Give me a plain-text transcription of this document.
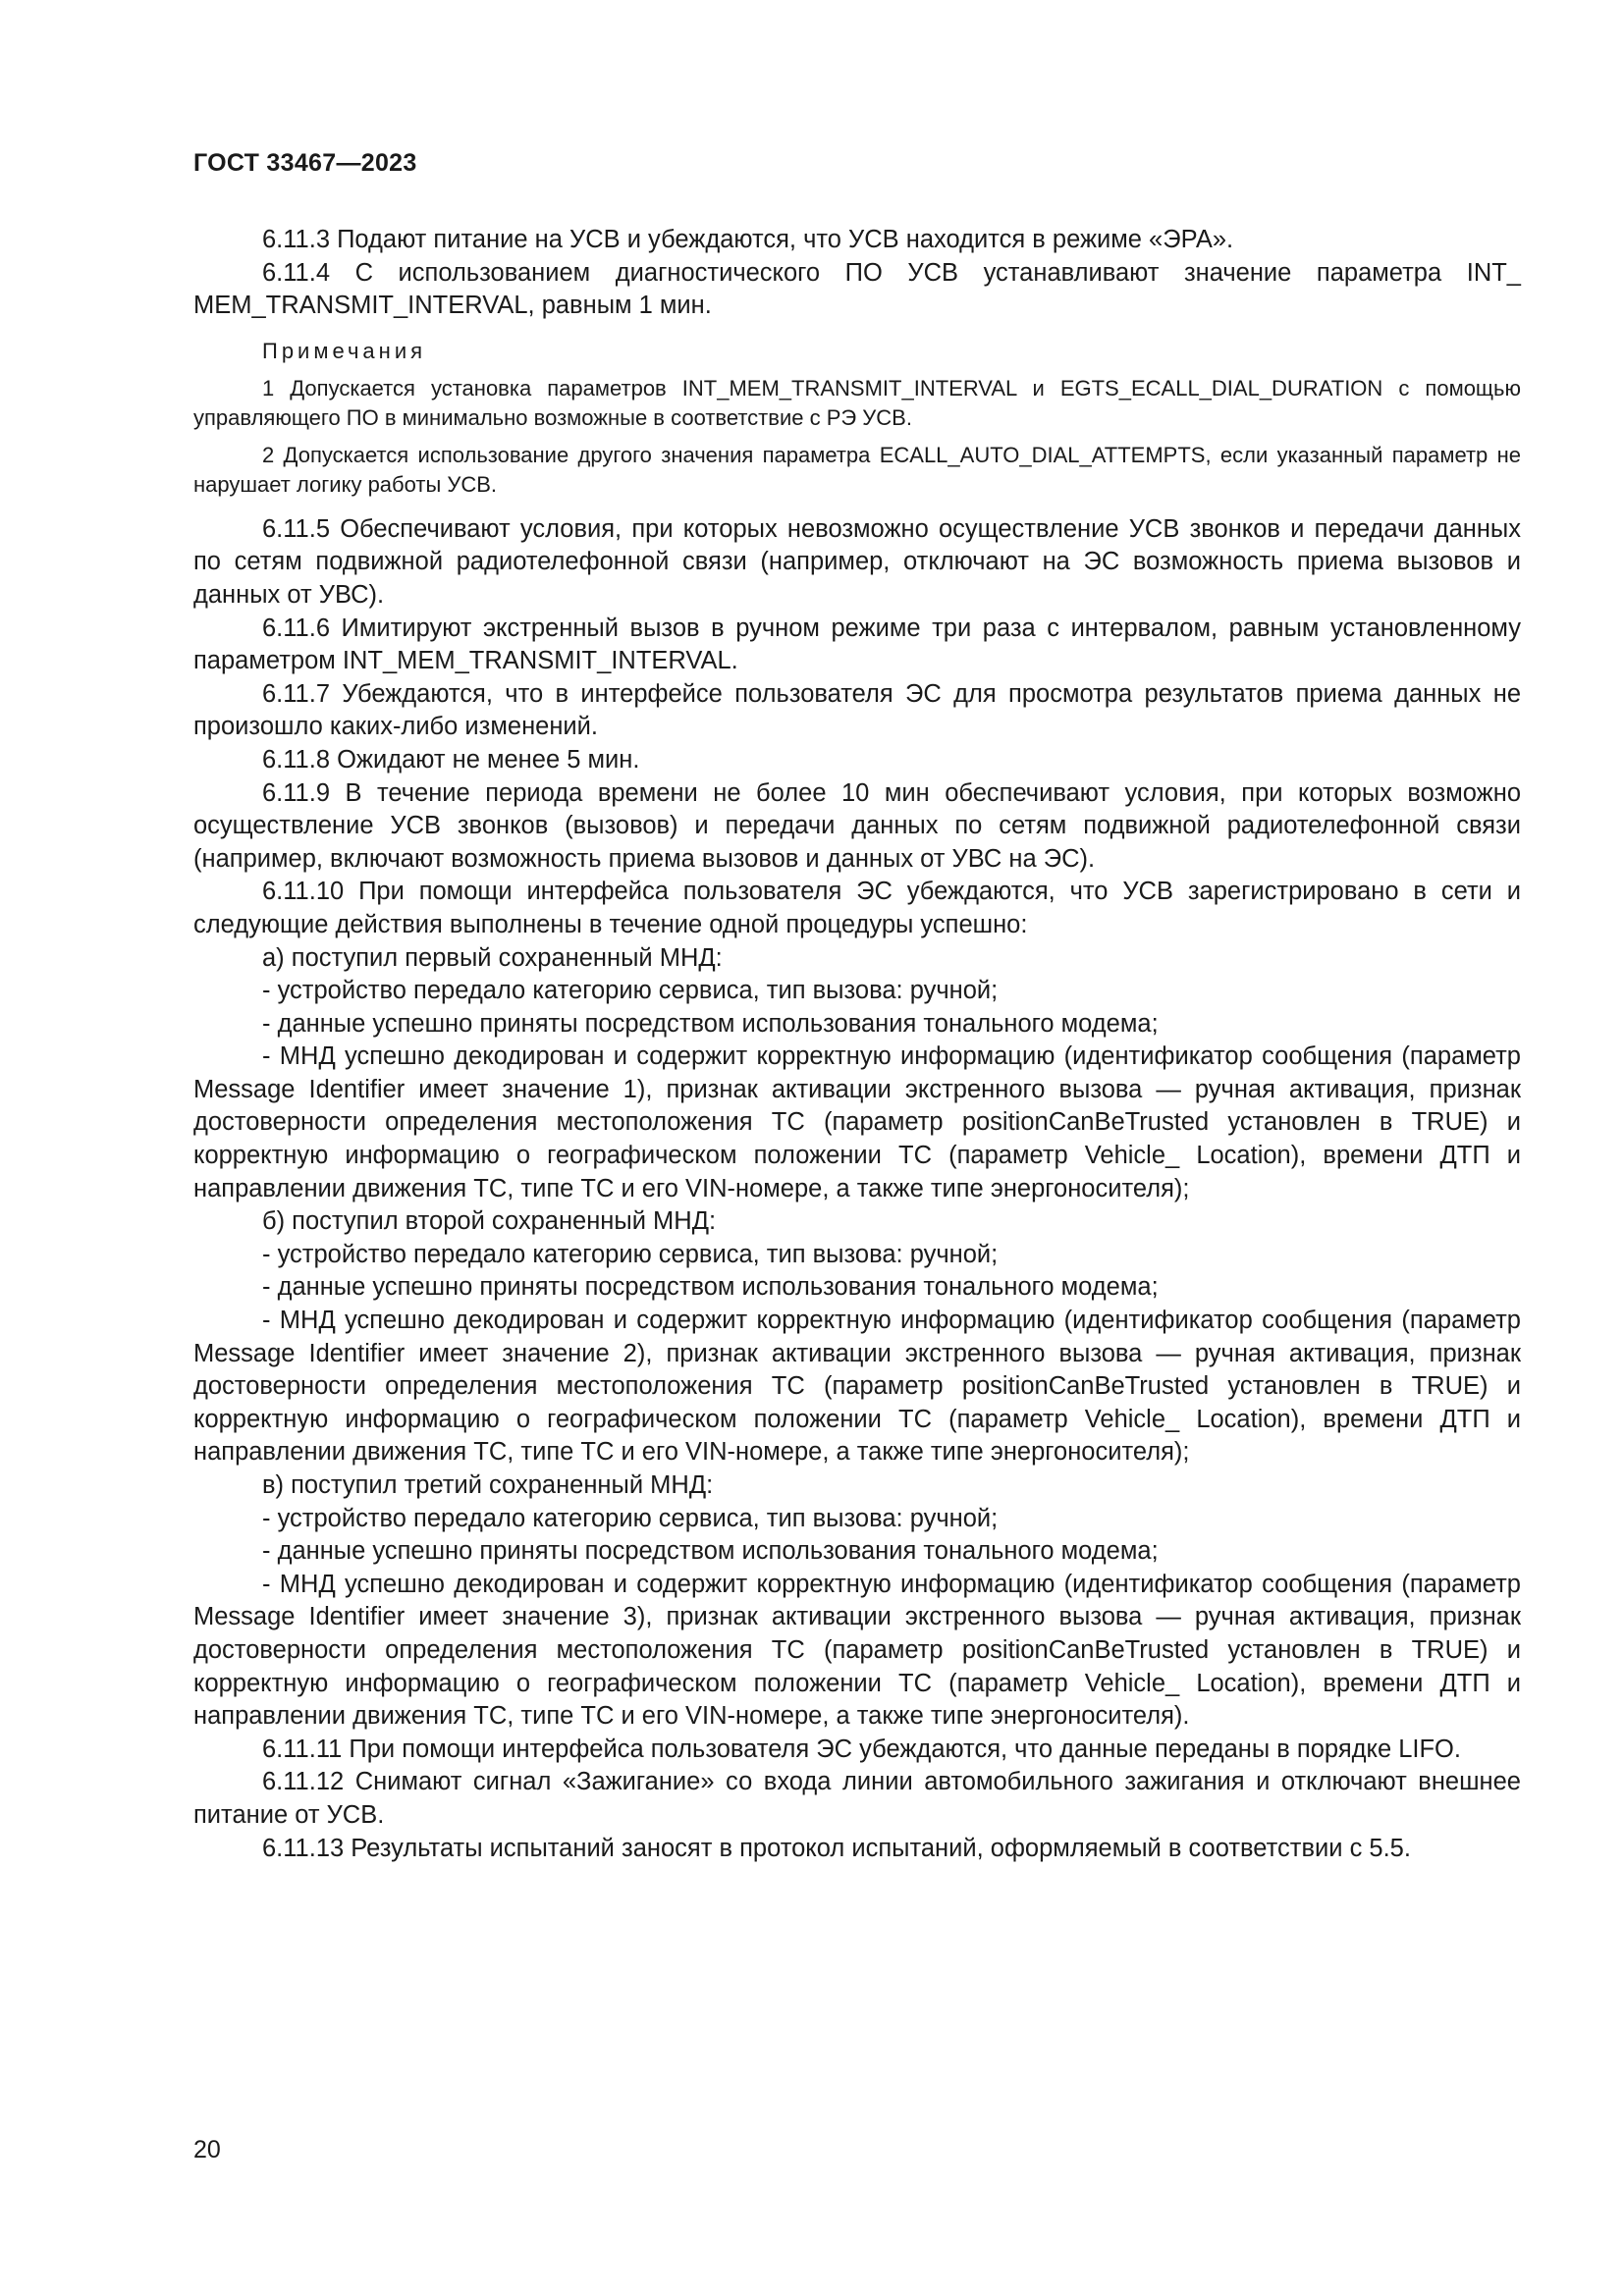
ГОСТ 33467—2023

6.11.3 Подают питание на УСВ и убеждаются, что УСВ находится в режиме «ЭРА».

6.11.4 С использованием диагностического ПО УСВ устанавливают значение параметра INT_ MEM_TRANSMIT_INTERVAL, равным 1 мин.

Примечания

1 Допускается установка параметров INT_MEM_TRANSMIT_INTERVAL и EGTS_ECALL_DIAL_DURATION с помощью управляющего ПО в минимально возможные в соответствие с РЭ УСВ.

2 Допускается использование другого значения параметра ECALL_AUTO_DIAL_ATTEMPTS, если указанный параметр не нарушает логику работы УСВ.

6.11.5 Обеспечивают условия, при которых невозможно осуществление УСВ звонков и передачи данных по сетям подвижной радиотелефонной связи (например, отключают на ЭС возможность приема вызовов и данных от УВС).

6.11.6 Имитируют экстренный вызов в ручном режиме три раза с интервалом, равным установленному параметром INT_MEM_TRANSMIT_INTERVAL.

6.11.7 Убеждаются, что в интерфейсе пользователя ЭС для просмотра результатов приема данных не произошло каких-либо изменений.

6.11.8 Ожидают не менее 5 мин.

6.11.9 В течение периода времени не более 10 мин обеспечивают условия, при которых возможно осуществление УСВ звонков (вызовов) и передачи данных по сетям подвижной радиотелефонной связи (например, включают возможность приема вызовов и данных от УВС на ЭС).

6.11.10 При помощи интерфейса пользователя ЭС убеждаются, что УСВ зарегистрировано в сети и следующие действия выполнены в течение одной процедуры успешно:

а) поступил первый сохраненный МНД:

- устройство передало категорию сервиса, тип вызова: ручной;

- данные успешно приняты посредством использования тонального модема;

- МНД успешно декодирован и содержит корректную информацию (идентификатор сообщения (параметр Message Identifier имеет значение 1), признак активации экстренного вызова — ручная активация, признак достоверности определения местоположения ТС (параметр positionCanBeTrusted установлен в TRUE) и корректную информацию о географическом положении ТС (параметр Vehicle_ Location), времени ДТП и направлении движения ТС, типе ТС и его VIN-номере, а также типе энергоносителя);

б) поступил второй сохраненный МНД:

- устройство передало категорию сервиса, тип вызова: ручной;

- данные успешно приняты посредством использования тонального модема;

- МНД успешно декодирован и содержит корректную информацию (идентификатор сообщения (параметр Message Identifier имеет значение 2), признак активации экстренного вызова — ручная активация, признак достоверности определения местоположения ТС (параметр positionCanBeTrusted установлен в TRUE) и корректную информацию о географическом положении ТС (параметр Vehicle_ Location), времени ДТП и направлении движения ТС, типе ТС и его VIN-номере, а также типе энергоносителя);

в) поступил третий сохраненный МНД:

- устройство передало категорию сервиса, тип вызова: ручной;

- данные успешно приняты посредством использования тонального модема;

- МНД успешно декодирован и содержит корректную информацию (идентификатор сообщения (параметр Message Identifier имеет значение 3), признак активации экстренного вызова — ручная активация, признак достоверности определения местоположения ТС (параметр positionCanBeTrusted установлен в TRUE) и корректную информацию о географическом положении ТС (параметр Vehicle_ Location), времени ДТП и направлении движения ТС, типе ТС и его VIN-номере, а также типе энергоносителя).

6.11.11 При помощи интерфейса пользователя ЭС убеждаются, что данные переданы в порядке LIFO.

6.11.12 Снимают сигнал «Зажигание» со входа линии автомобильного зажигания и отключают внешнее питание от УСВ.

6.11.13 Результаты испытаний заносят в протокол испытаний, оформляемый в соответствии с 5.5.

20
